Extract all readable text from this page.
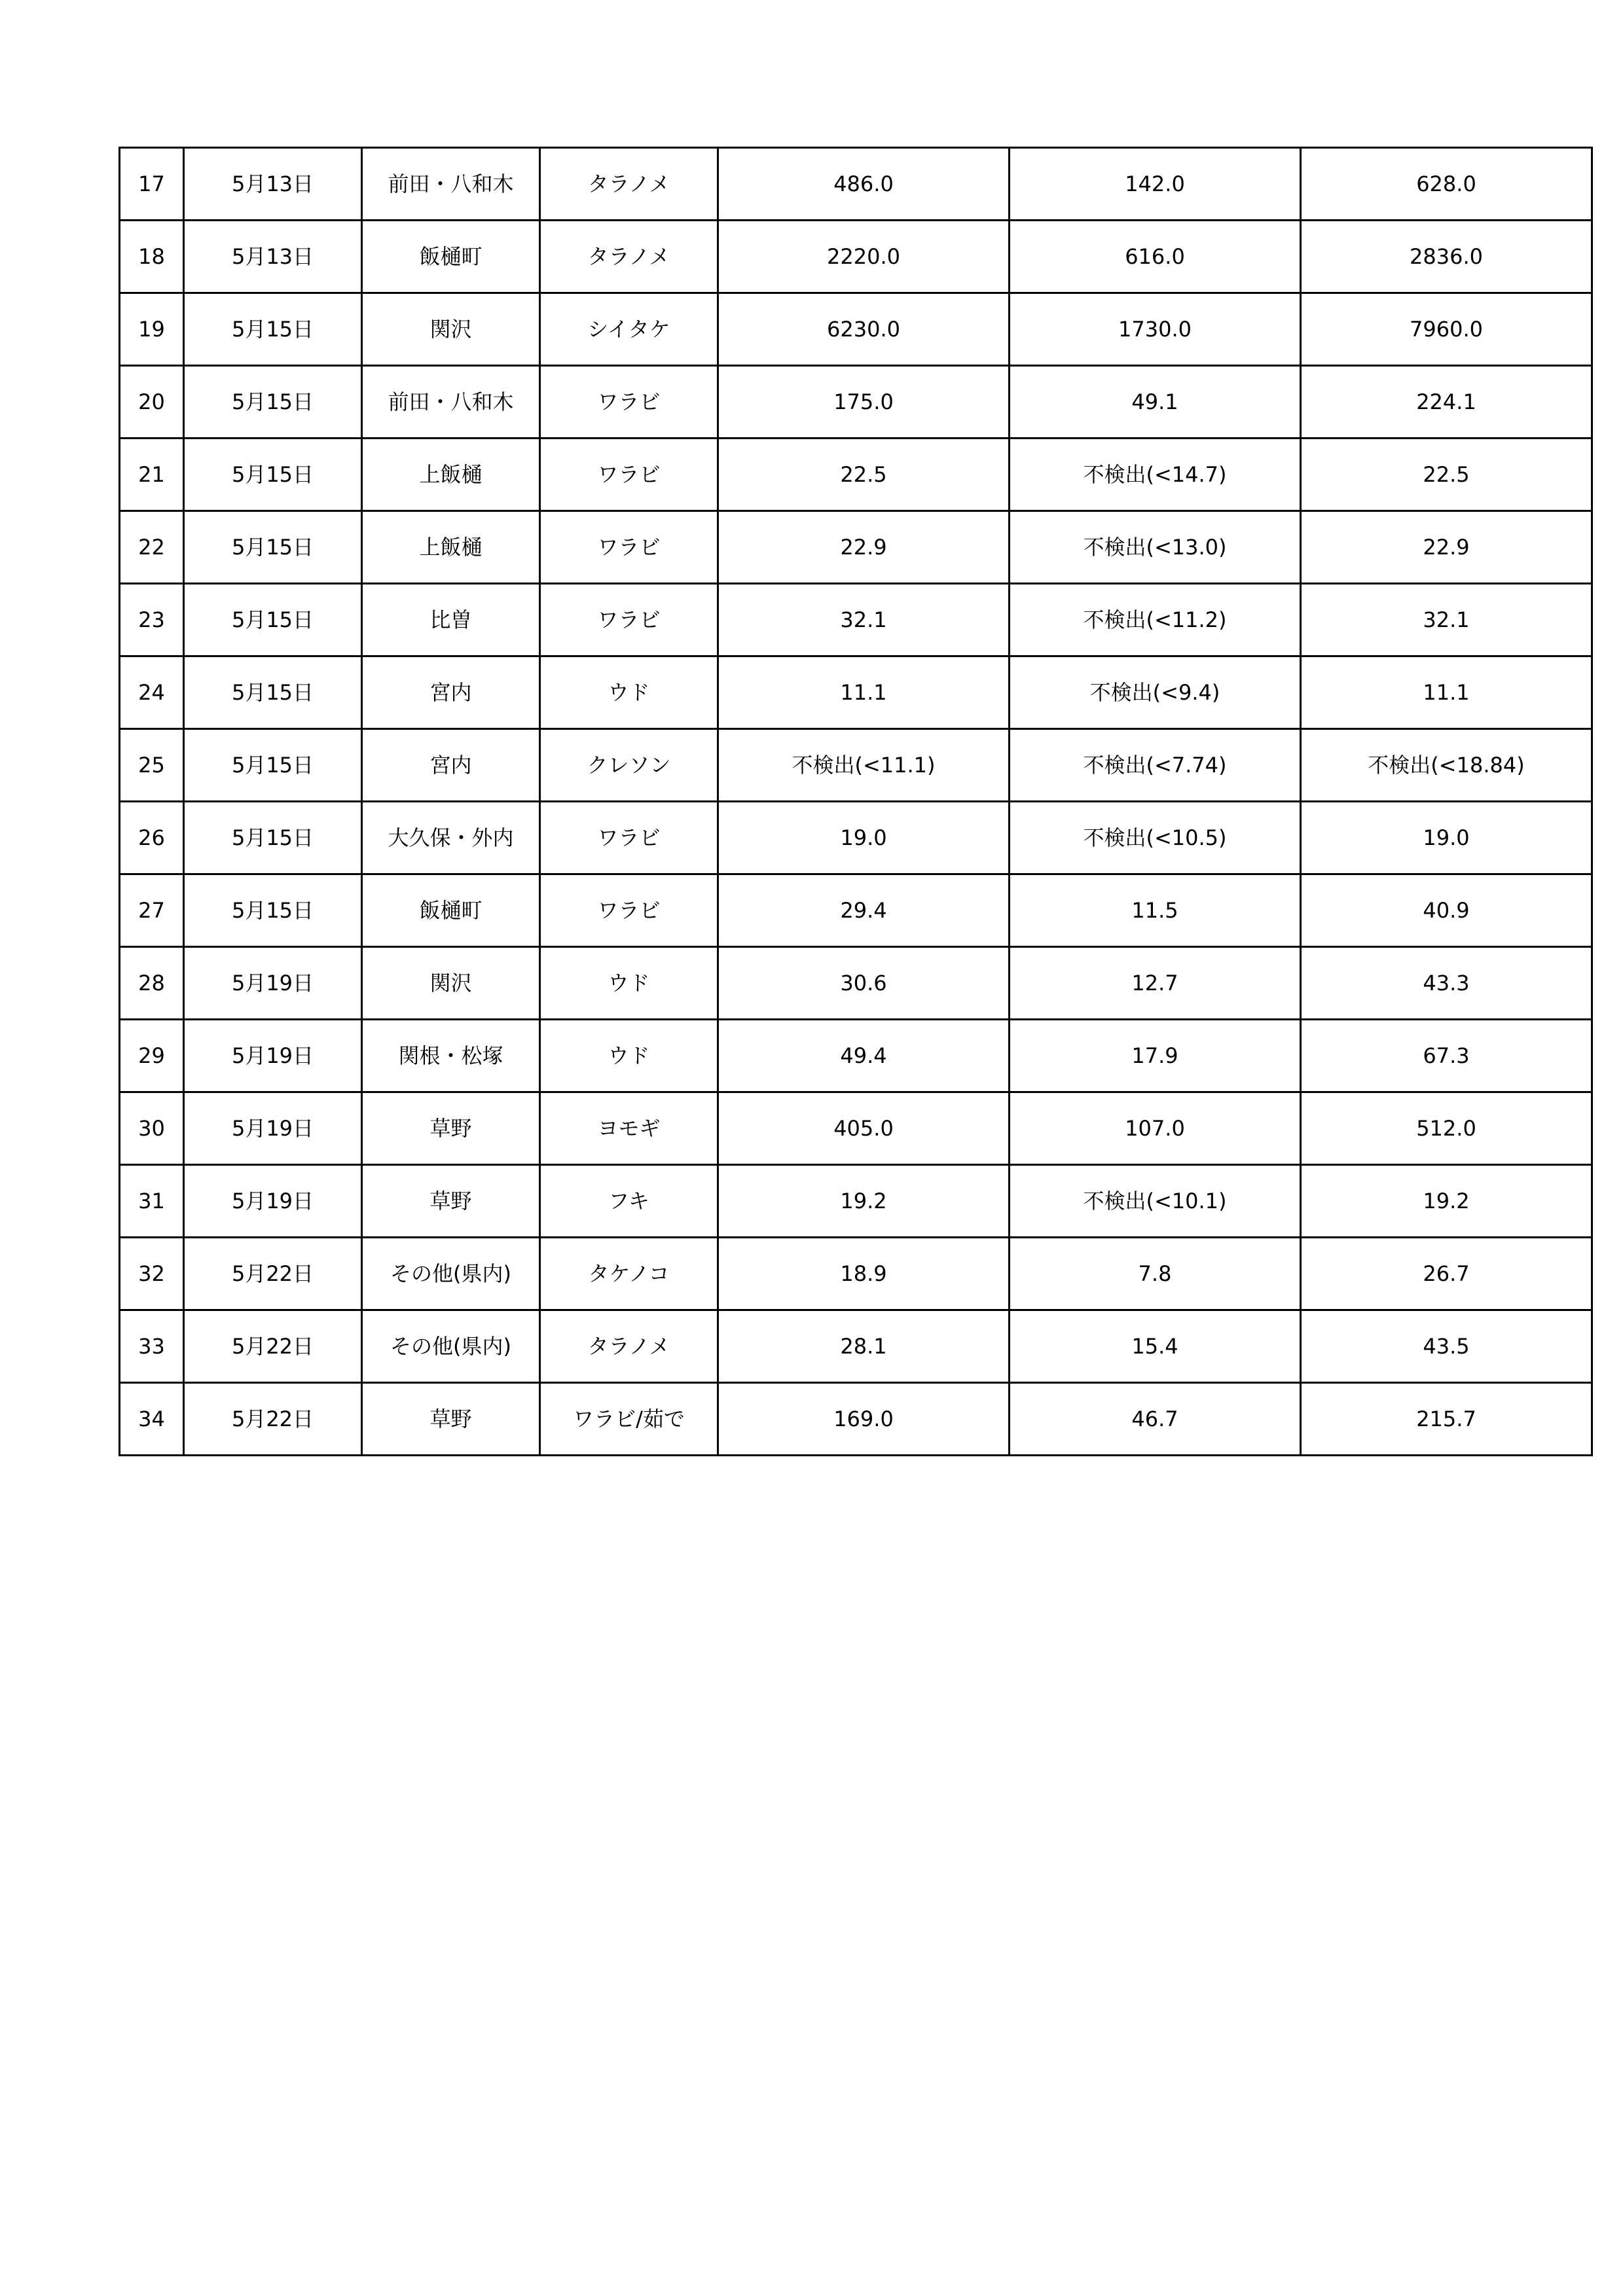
17	5月13日	前田・八和木	タラノメ	486.0	142.0	628.0
18	5月13日	飯樋町	タラノメ	2220.0	616.0	2836.0
19	5月15日	関沢	シイタケ	6230.0	1730.0	7960.0
20	5月15日	前田・八和木	ワラビ	175.0	49.1	224.1
21	5月15日	上飯樋	ワラビ	22.5	不検出(<14.7)	22.5
22	5月15日	上飯樋	ワラビ	22.9	不検出(<13.0)	22.9
23	5月15日	比曽	ワラビ	32.1	不検出(<11.2)	32.1
24	5月15日	宮内	ウド	11.1	不検出(<9.4)	11.1
25	5月15日	宮内	クレソン	不検出(<11.1)	不検出(<7.74)	不検出(<18.84)
26	5月15日	大久保・外内	ワラビ	19.0	不検出(<10.5)	19.0
27	5月15日	飯樋町	ワラビ	29.4	11.5	40.9
28	5月19日	関沢	ウド	30.6	12.7	43.3
29	5月19日	関根・松塚	ウド	49.4	17.9	67.3
30	5月19日	草野	ヨモギ	405.0	107.0	512.0
31	5月19日	草野	フキ	19.2	不検出(<10.1)	19.2
32	5月22日	その他(県内)	タケノコ	18.9	7.8	26.7
33	5月22日	その他(県内)	タラノメ	28.1	15.4	43.5
34	5月22日	草野	ワラビ/茹で	169.0	46.7	215.7
